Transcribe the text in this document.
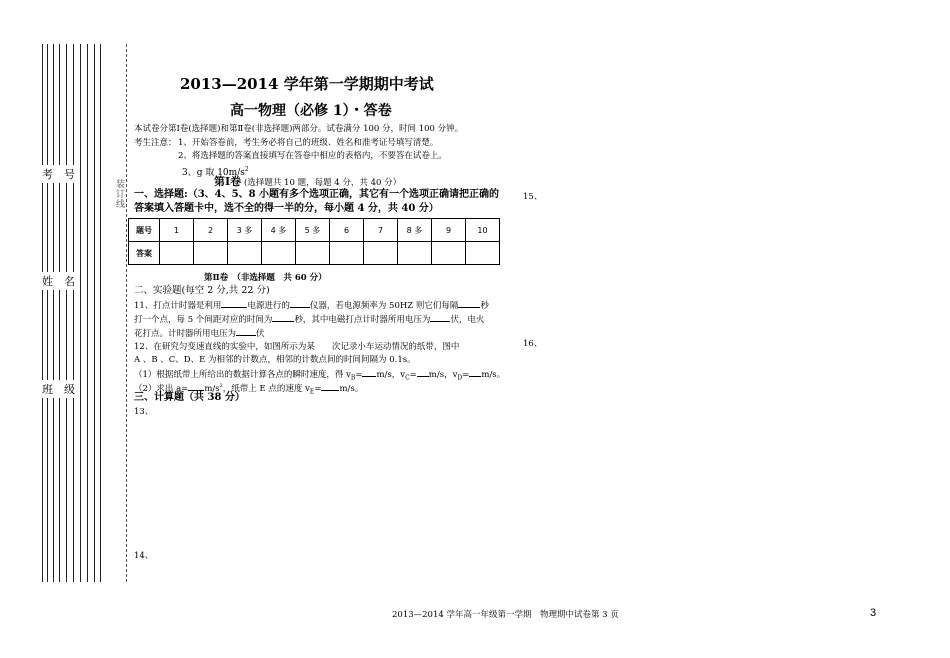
考　号
姓　名
班　级
装订线
2013—2014 学年第一学期期中考试
高一物理（必修 1）・答卷
本试卷分第Ⅰ卷(选择题)和第Ⅱ卷(非选择题)两部分。试卷满分 100 分，时间 100 分钟。
考生注意： 1、开始答卷前，考生务必将自己的班级、姓名和准考证号填写清楚。
2、将选择题的答案直接填写在答卷中相应的表格内，不要答在试卷上。
3、g 取 $10m/s^2$
第Ⅰ卷 (选择题共 10 题，每题 4 分，共 40 分）
一、选择题:（3、4、5、8 小题有多个选项正确，其它有一个选项正确请把正确的
答案填入答题卡中，选不全的得一半的分，每小题 4 分，共 40 分）
题号	1	2	3 多	4 多	5 多	6	7	8 多	9	10
答案										
第Ⅱ卷　（非选择题　共 60 分）
二、实验题(每空 2 分,共 22 分)
11、打点计时器是利用	电源进行的 仪器，若电源频率为 50HZ 则它们每隔	秒
打一个点，每 5 个间距对应的时间为	秒，其中电磁打点计时器所用电压为 伏，电火
花打点。计时器所用电压为 伏
12、在研究匀变速直线的实验中，如图所示为某　　次记录小车运动情况的纸带，图中
A 、B 、C、D、E 为相邻的计数点，相邻的计数点间的时间间隔为 0.1s。
（1）根据纸带上所给出的数据计算各点的瞬时速度，得 $v_B= m/s$，$v_C= m/s$，$v_D= m/s$。
（2）求出 $a= m/s^2$，纸带上 E 点的速度 $v_E= m/s$。
三、计算题（共 38 分）
13、
14、
15、
16、
2013—2014 学年高一年级第一学期　物理期中试卷第 3 页	3
